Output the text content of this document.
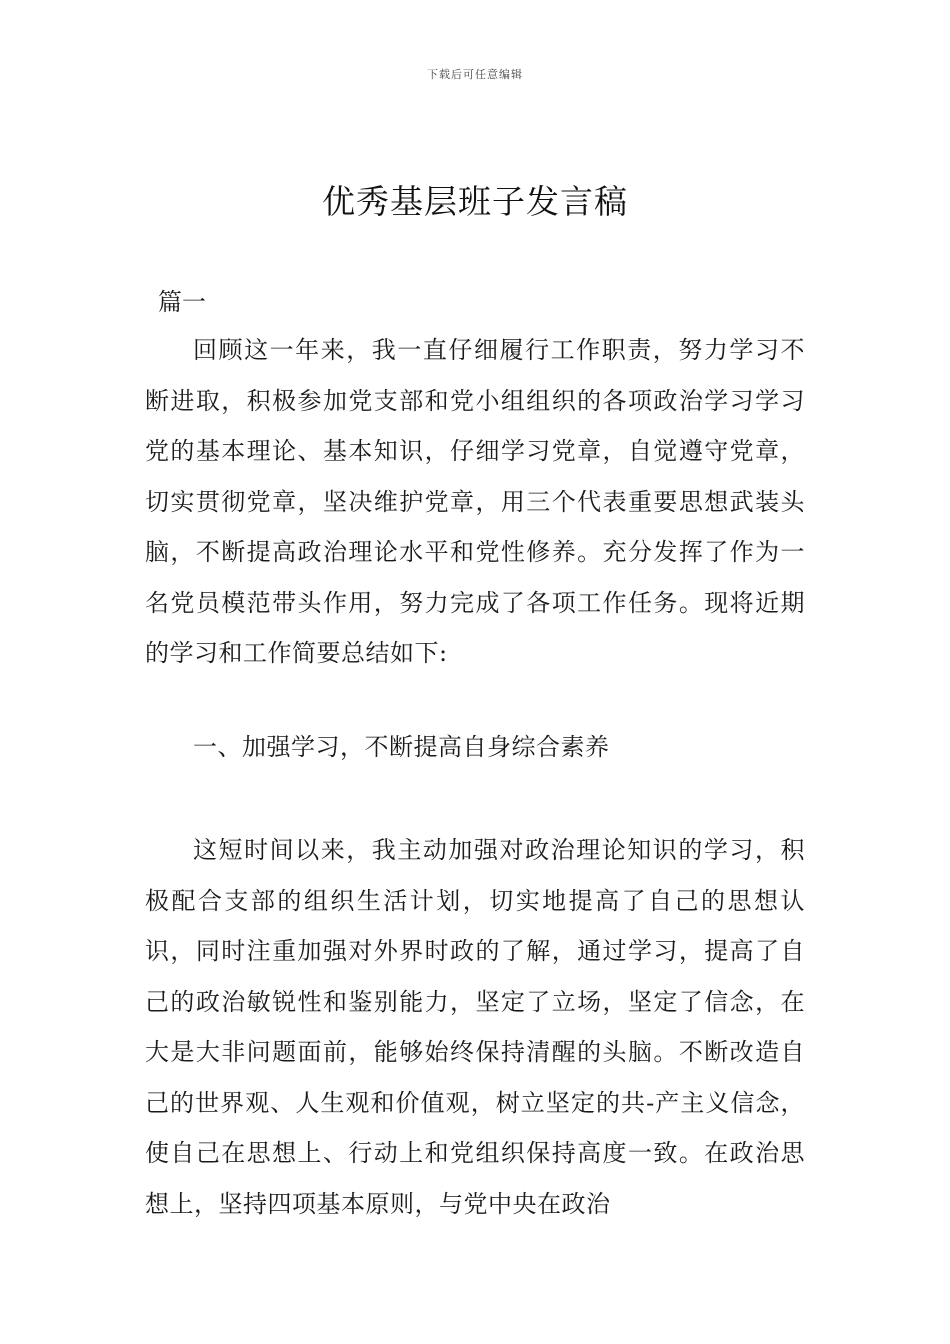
下载后可任意编辑
优秀基层班子发言稿

篇一

回顾这一年来，我一直仔细履行工作职责，努力学习不断进取，积极参加党支部和党小组组织的各项政治学习学习党的基本理论、基本知识，仔细学习党章，自觉遵守党章，切实贯彻党章，坚决维护党章，用三个代表重要思想武装头脑，不断提高政治理论水平和党性修养。充分发挥了作为一名党员模范带头作用，努力完成了各项工作任务。现将近期的学习和工作简要总结如下:

一、加强学习，不断提高自身综合素养

这短时间以来，我主动加强对政治理论知识的学习，积极配合支部的组织生活计划，切实地提高了自己的思想认识，同时注重加强对外界时政的了解，通过学习，提高了自己的政治敏锐性和鉴别能力，坚定了立场，坚定了信念，在大是大非问题面前，能够始终保持清醒的头脑。不断改造自己的世界观、人生观和价值观，树立坚定的共-产主义信念，使自己在思想上、行动上和党组织保持高度一致。在政治思想上，坚持四项基本原则，与党中央在政治
